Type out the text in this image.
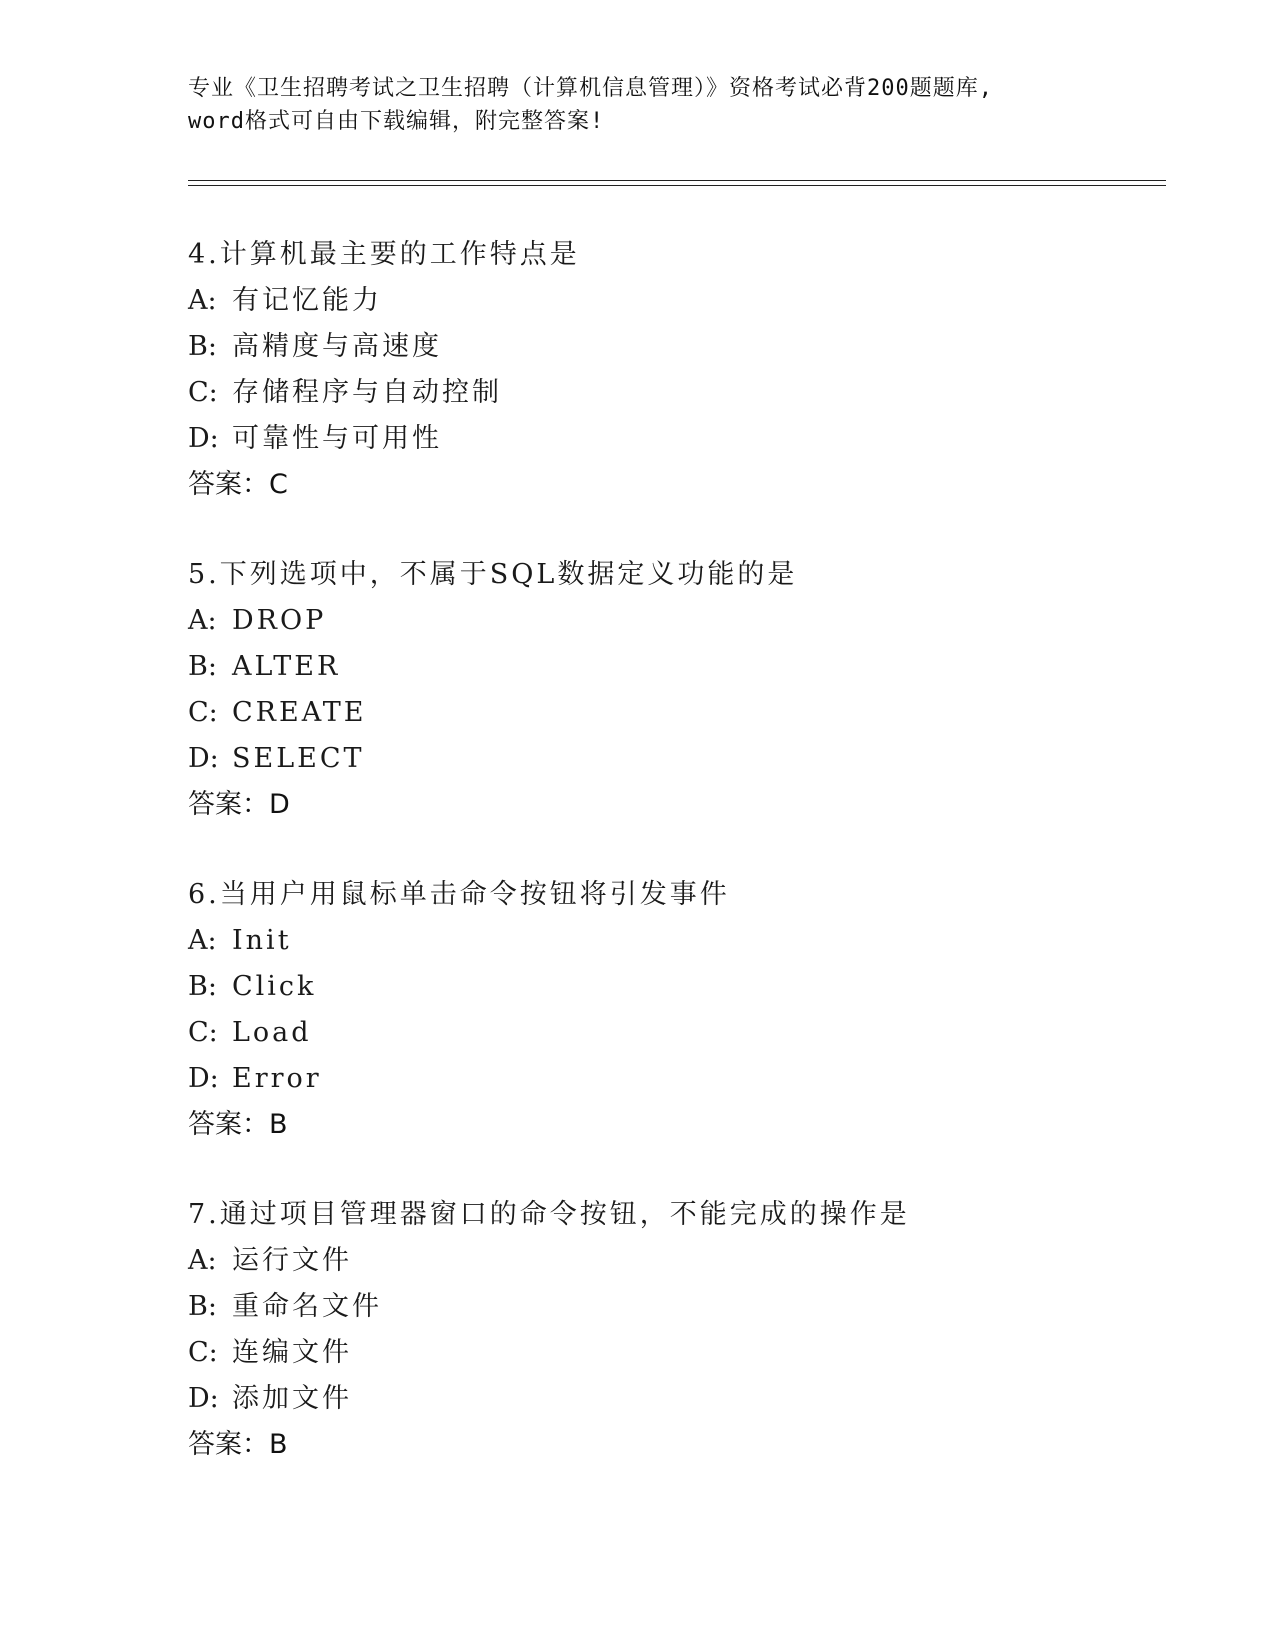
专业《卫生招聘考试之卫生招聘（计算机信息管理）》资格考试必背200题题库,
word格式可自由下载编辑，附完整答案!
4.计算机最主要的工作特点是
A: 有记忆能力
B: 高精度与高速度
C: 存储程序与自动控制
D: 可靠性与可用性
答案：C
5.下列选项中，不属于SQL数据定义功能的是
A: DROP
B: ALTER
C: CREATE
D: SELECT
答案：D
6.当用户用鼠标单击命令按钮将引发事件
A: Init
B: Click
C: Load
D: Error
答案：B
7.通过项目管理器窗口的命令按钮，不能完成的操作是
A: 运行文件
B: 重命名文件
C: 连编文件
D: 添加文件
答案：B
